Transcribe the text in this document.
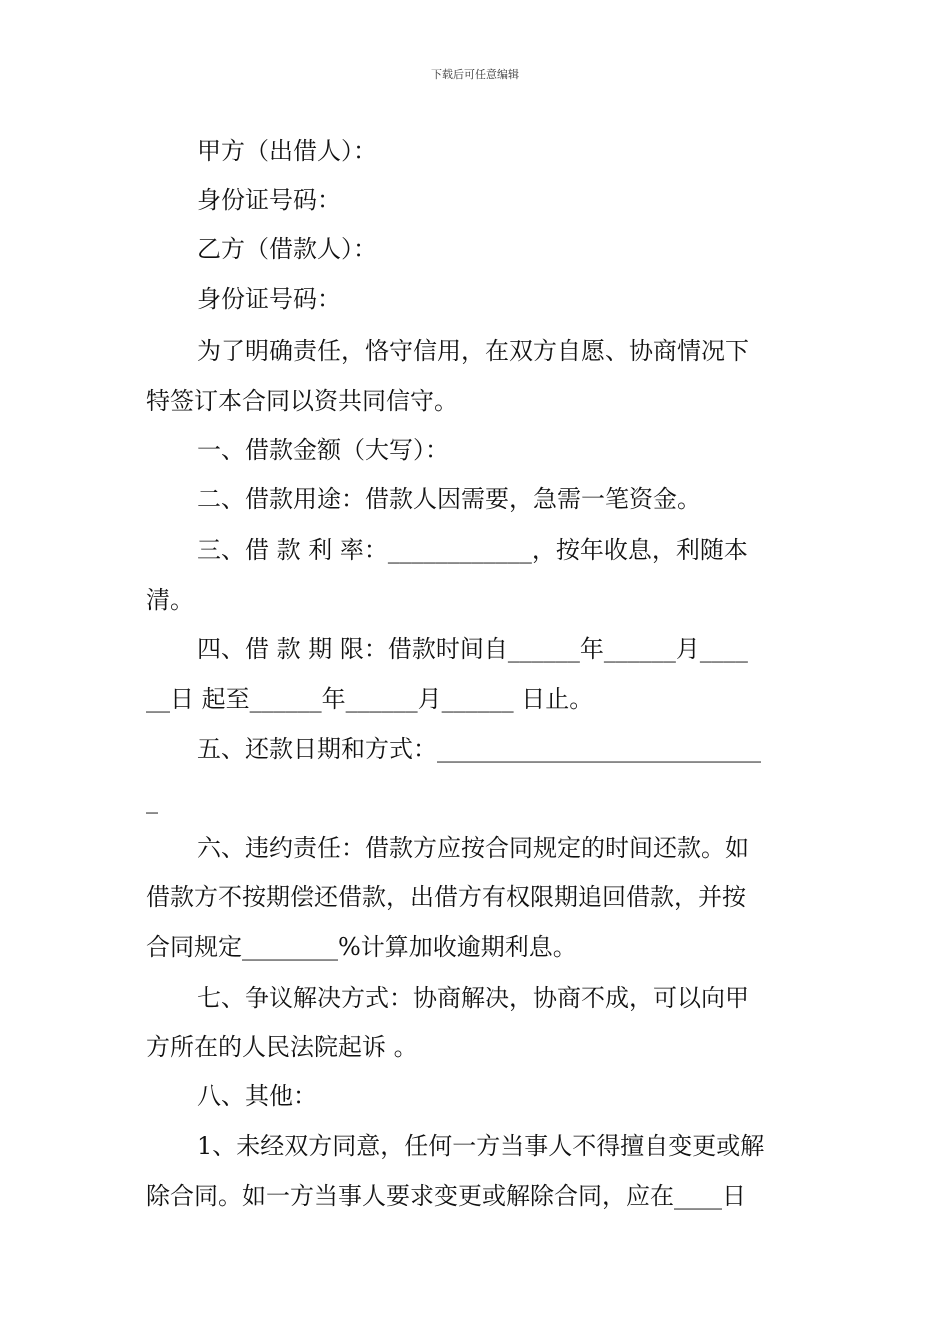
下载后可任意编辑
甲方（出借人）：
身份证号码：
乙方（借款人）：
身份证号码：
为了明确责任，恪守信用，在双方自愿、协商情况下
特签订本合同以资共同信守。
一、借款金额（大写）：
二、借款用途：借款人因需要，急需一笔资金。
三、借 款 利 率：____________，按年收息，利随本
清。
四、借 款 期 限：借款时间自______年______月____
__日 起至______年______月______ 日止。
五、还款日期和方式：___________________________
_
六、违约责任：借款方应按合同规定的时间还款。如
借款方不按期偿还借款，出借方有权限期追回借款，并按
合同规定________%计算加收逾期利息。
七、争议解决方式：协商解决，协商不成，可以向甲
方所在的人民法院起诉 。
八、其他：
1、未经双方同意，任何一方当事人不得擅自变更或解
除合同。如一方当事人要求变更或解除合同，应在____日
